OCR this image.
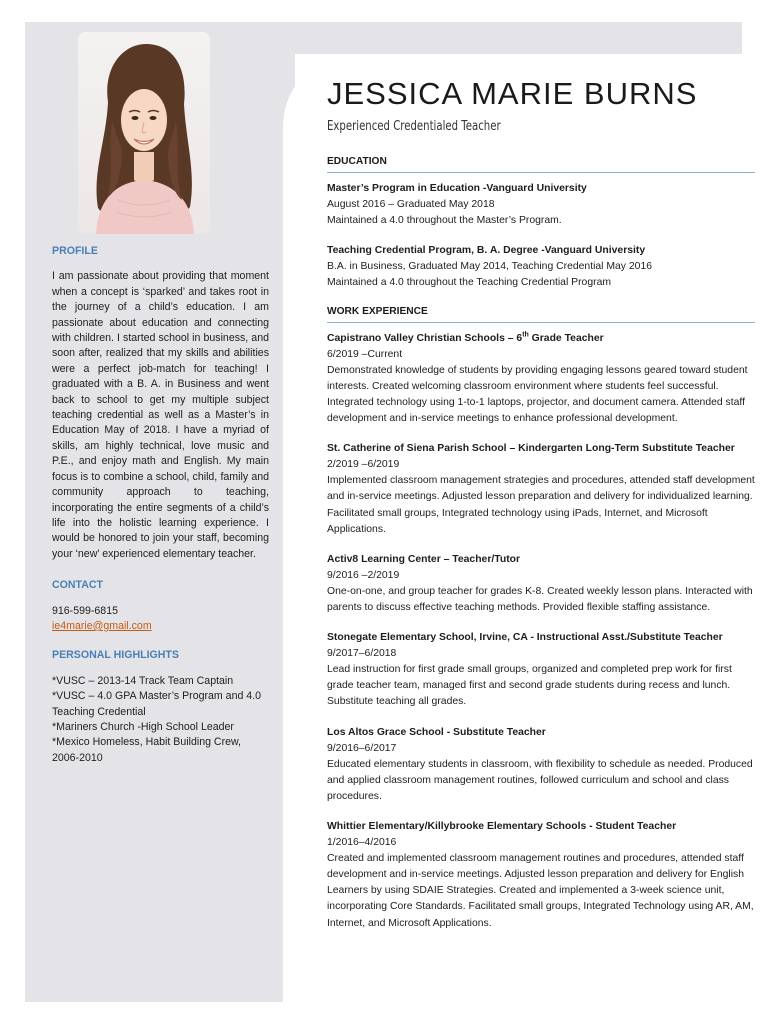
PROFILE

I am passionate about providing that moment when a concept is ‘sparked’ and takes root in the journey of a child’s education. I am passionate about education and connecting with children. I started school in business, and soon after, realized that my skills and abilities were a perfect job-match for teaching! I graduated with a B. A. in Business and went back to school to get my multiple subject teaching credential as well as a Master’s in Education May of 2018. I have a myriad of skills, am highly technical, love music and P.E., and enjoy math and English. My main focus is to combine a school, child, family and community approach to teaching, incorporating the entire segments of a child’s life into the holistic learning experience. I would be honored to join your staff, becoming your ‘new’ experienced elementary teacher.

CONTACT

916-599-6815

ie4marie@gmail.com

PERSONAL HIGHLIGHTS

*VUSC – 2013-14 Track Team Captain

*VUSC – 4.0 GPA Master’s Program and 4.0 Teaching Credential

*Mariners Church -High School Leader

*Mexico Homeless, Habit Building Crew, 2006-2010

JESSICA MARIE BURNS

Experienced Credentialed Teacher

EDUCATION

Master’s Program in Education -Vanguard University

August 2016 – Graduated May 2018

Maintained a 4.0 throughout the Master’s Program.

Teaching Credential Program, B. A. Degree -Vanguard University

B.A. in Business, Graduated May 2014, Teaching Credential May 2016

Maintained a 4.0 throughout the Teaching Credential Program

WORK EXPERIENCE

Capistrano Valley Christian Schools – 6th Grade Teacher

6/2019 –Current

Demonstrated knowledge of students by providing engaging lessons geared toward student interests. Created welcoming classroom environment where students feel successful. Integrated technology using 1-to-1 laptops, projector, and document camera. Attended staff development and in-service meetings to enhance professional development.

St. Catherine of Siena Parish School – Kindergarten Long-Term Substitute Teacher

2/2019 –6/2019

Implemented classroom management strategies and procedures, attended staff development and in-service meetings. Adjusted lesson preparation and delivery for individualized learning. Facilitated small groups, Integrated technology using iPads, Internet, and Microsoft Applications.

Activ8 Learning Center – Teacher/Tutor

9/2016 –2/2019

One-on-one, and group teacher for grades K-8. Created weekly lesson plans. Interacted with parents to discuss effective teaching methods. Provided flexible staffing assistance.

Stonegate Elementary School, Irvine, CA - Instructional Asst./Substitute Teacher

9/2017–6/2018

Lead instruction for first grade small groups, organized and completed prep work for first grade teacher team, managed first and second grade students during recess and lunch. Substitute teaching all grades.

Los Altos Grace School - Substitute Teacher

9/2016–6/2017

Educated elementary students in classroom, with flexibility to schedule as needed. Produced and applied classroom management routines, followed curriculum and school and class procedures.

Whittier Elementary/Killybrooke Elementary Schools - Student Teacher

1/2016–4/2016

Created and implemented classroom management routines and procedures, attended staff development and in-service meetings. Adjusted lesson preparation and delivery for English Learners by using SDAIE Strategies. Created and implemented a 3-week science unit, incorporating Core Standards. Facilitated small groups, Integrated Technology using AR, AM, Internet, and Microsoft Applications.
